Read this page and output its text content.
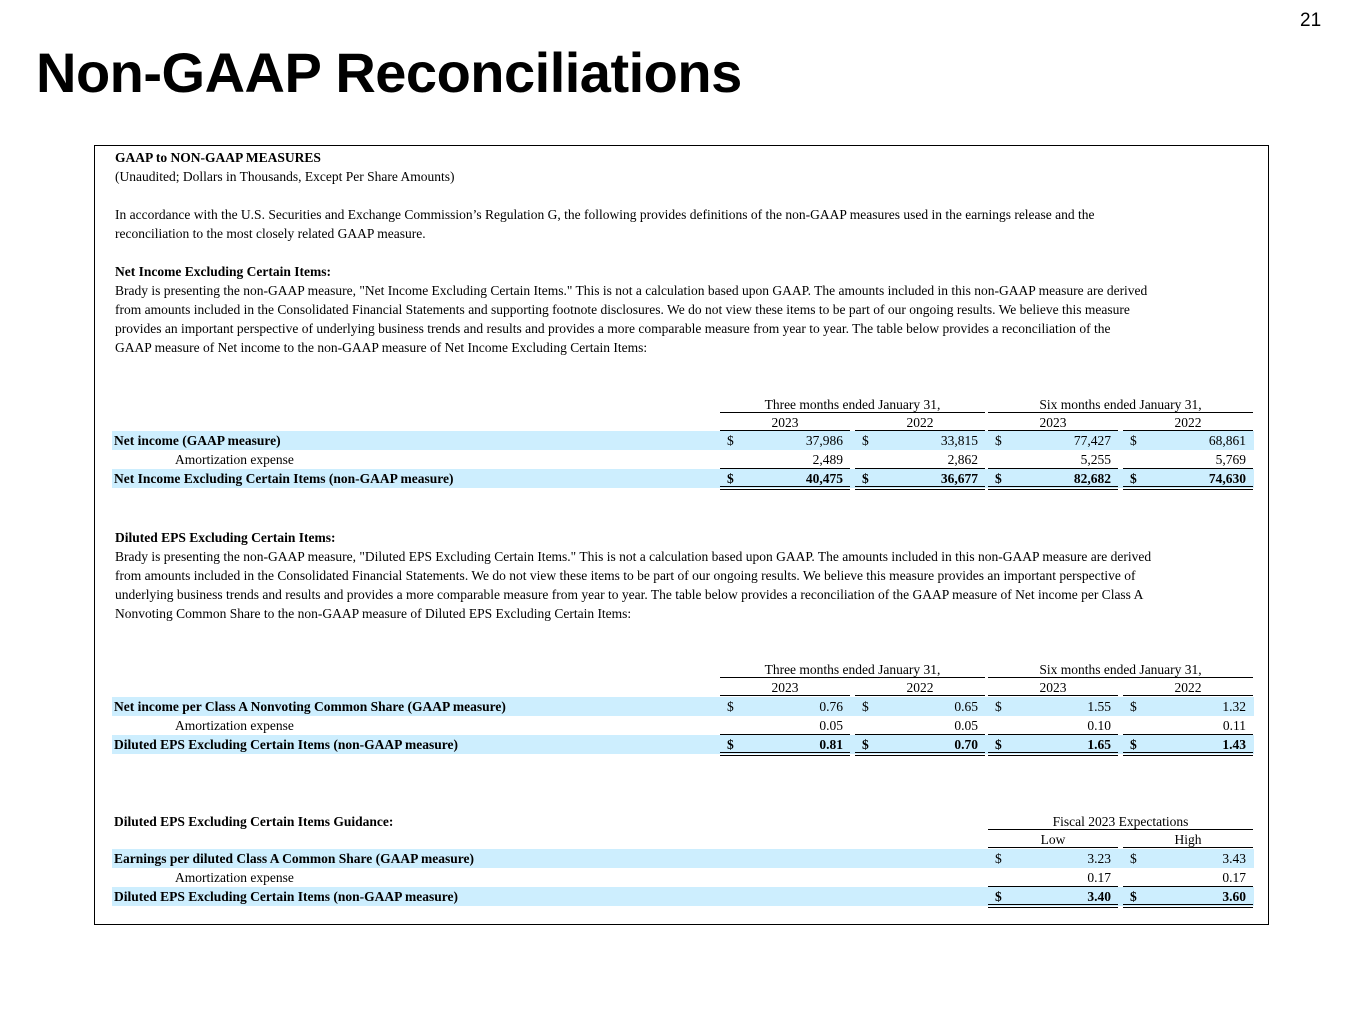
Non-GAAP Reconciliations
21
GAAP to NON-GAAP MEASURES
(Unaudited; Dollars in Thousands, Except Per Share Amounts)
In accordance with the U.S. Securities and Exchange Commission’s Regulation G, the following provides definitions of the non-GAAP measures used in the earnings release and the
reconciliation to the most closely related GAAP measure.
Net Income Excluding Certain Items:
Brady is presenting the non-GAAP measure, "Net Income Excluding Certain Items." This is not a calculation based upon GAAP. The amounts included in this non-GAAP measure are derived
from amounts included in the Consolidated Financial Statements and supporting footnote disclosures. We do not view these items to be part of our ongoing results. We believe this measure
provides an important perspective of underlying business trends and results and provides a more comparable measure from year to year. The table below provides a reconciliation of the
GAAP measure of Net income to the non-GAAP measure of Net Income Excluding Certain Items:
Three months ended January 31,	Six months ended January 31,
2023	2022	2023	2022
Net income (GAAP measure)	$	37,986 $	33,815 $	77,427 $	68,861
Amortization expense	2,489	2,862	5,255	5,769
Net Income Excluding Certain Items (non-GAAP measure)	$	40,475 $	36,677 $	82,682 $	74,630
Diluted EPS Excluding Certain Items:
Brady is presenting the non-GAAP measure, "Diluted EPS Excluding Certain Items." This is not a calculation based upon GAAP. The amounts included in this non-GAAP measure are derived
from amounts included in the Consolidated Financial Statements. We do not view these items to be part of our ongoing results. We believe this measure provides an important perspective of
underlying business trends and results and provides a more comparable measure from year to year. The table below provides a reconciliation of the GAAP measure of Net income per Class A
Nonvoting Common Share to the non-GAAP measure of Diluted EPS Excluding Certain Items:
Three months ended January 31,	Six months ended January 31,
2023	2022	2023	2022
Net income per Class A Nonvoting Common Share (GAAP measure)	$	0.76 $	0.65 $	1.55 $	1.32
Amortization expense	0.05	0.05	0.10	0.11
Diluted EPS Excluding Certain Items (non-GAAP measure)	$	0.81 $	0.70 $	1.65 $	1.43
Diluted EPS Excluding Certain Items Guidance:	Fiscal 2023 Expectations
Low	High
Earnings per diluted Class A Common Share (GAAP measure)	$	3.23 $	3.43
Amortization expense	0.17	0.17
Diluted EPS Excluding Certain Items (non-GAAP measure)	$	3.40 $	3.60
